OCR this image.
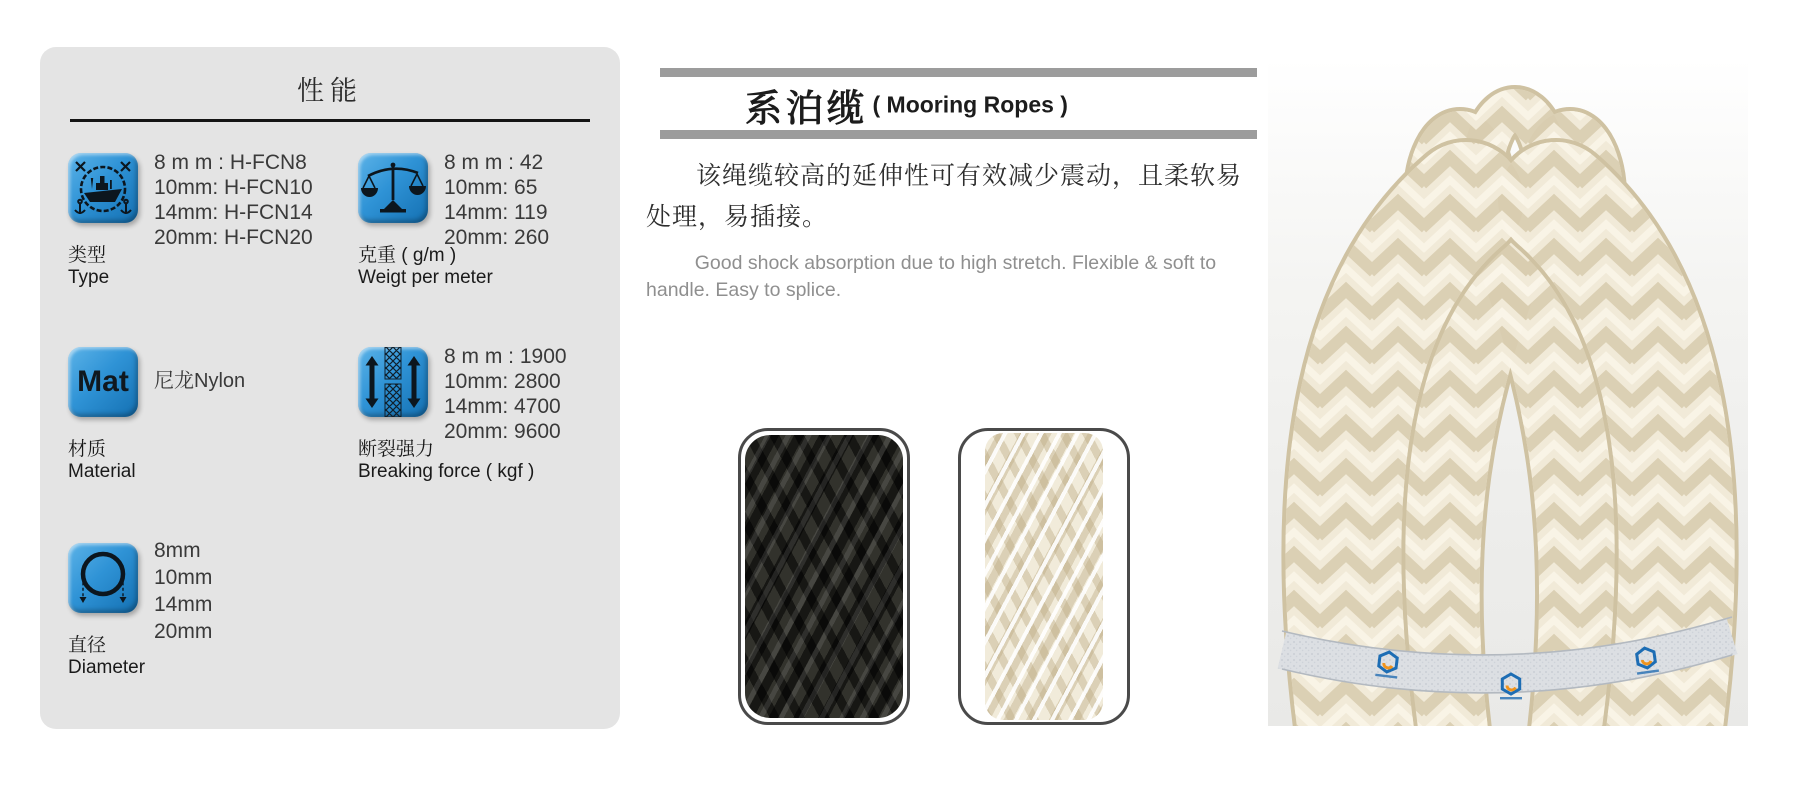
性能
8 m m : H-FCN8
10mm: H-FCN10
14mm: H-FCN14
20mm: H-FCN20
类型
Type
8 m m : 42
10mm: 65
14mm: 119
20mm: 260
克重 ( g/m )
Weigt per meter
Mat 尼龙Nylon
材质
Material
8 m m : 1900
10mm: 2800
14mm: 4700
20mm: 9600
断裂强力
Breaking force ( kgf )
8mm
10mm
14mm
20mm
直径
Diameter
系泊缆 ( Mooring Ropes )

该绳缆较高的延伸性可有效减少震动，且柔软易处理，易插接。

Good shock absorption due to high stretch. Flexible & soft to handle. Easy to splice.
